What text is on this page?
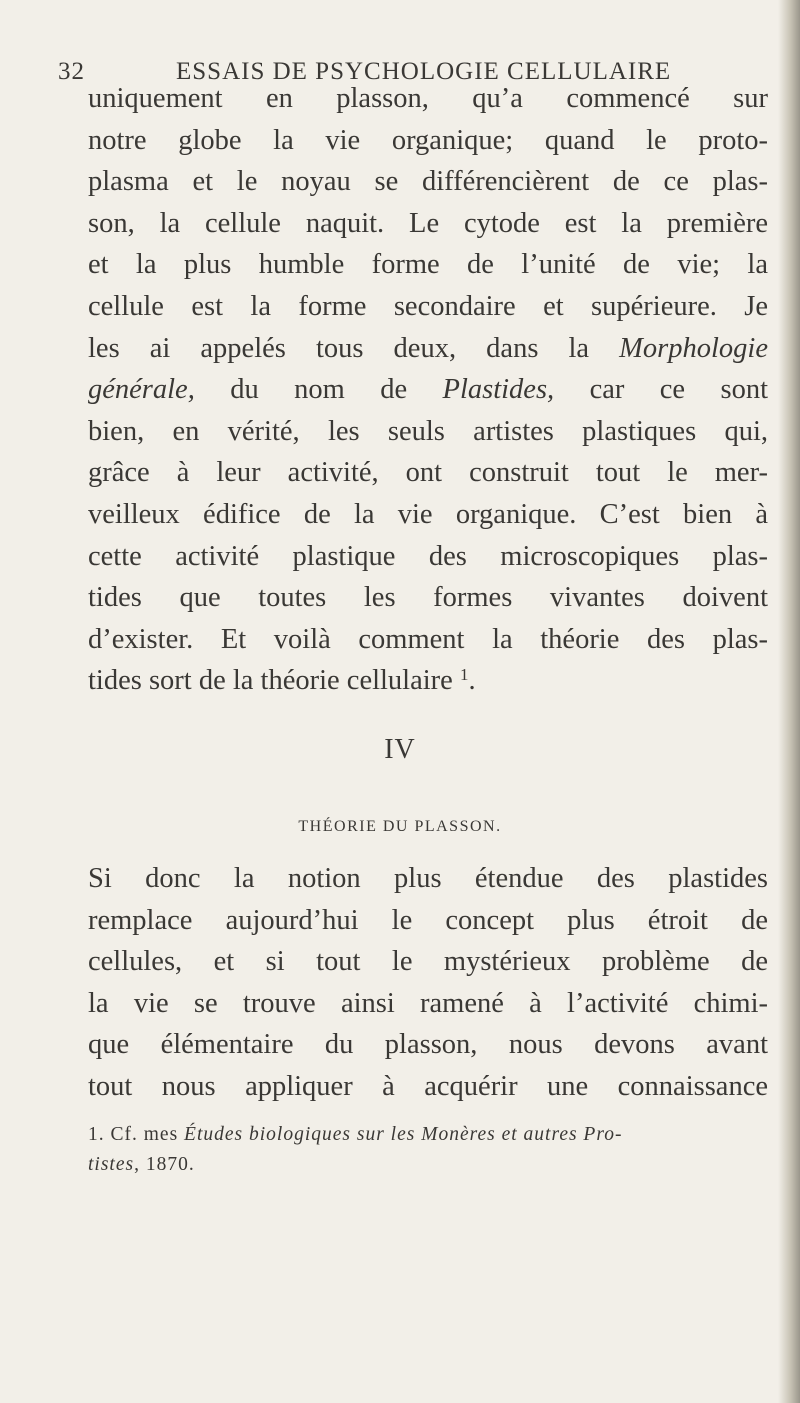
32	ESSAIS DE PSYCHOLOGIE CELLULAIRE
uniquement en plasson, qu’a commencé sur
notre globe la vie organique; quand le proto-
plasma et le noyau se différencièrent de ce plas-
son, la cellule naquit. Le cytode est la première
et la plus humble forme de l’unité de vie; la
cellule est la forme secondaire et supérieure. Je
les ai appelés tous deux, dans la Morphologie
générale, du nom de Plastides, car ce sont
bien, en vérité, les seuls artistes plastiques qui,
grâce à leur activité, ont construit tout le mer-
veilleux édifice de la vie organique. C’est bien à
cette activité plastique des microscopiques plas-
tides que toutes les formes vivantes doivent
d’exister. Et voilà comment la théorie des plas-
tides sort de la théorie cellulaire $^1$.
IV
THÉORIE DU PLASSON.
Si donc la notion plus étendue des plastides
remplace aujourd’hui le concept plus étroit de
cellules, et si tout le mystérieux problème de
la vie se trouve ainsi ramené à l’activité chimi-
que élémentaire du plasson, nous devons avant
tout nous appliquer à acquérir une connaissance
1. Cf. mes Études biologiques sur les Monères et autres Pro-
tistes, 1870.
